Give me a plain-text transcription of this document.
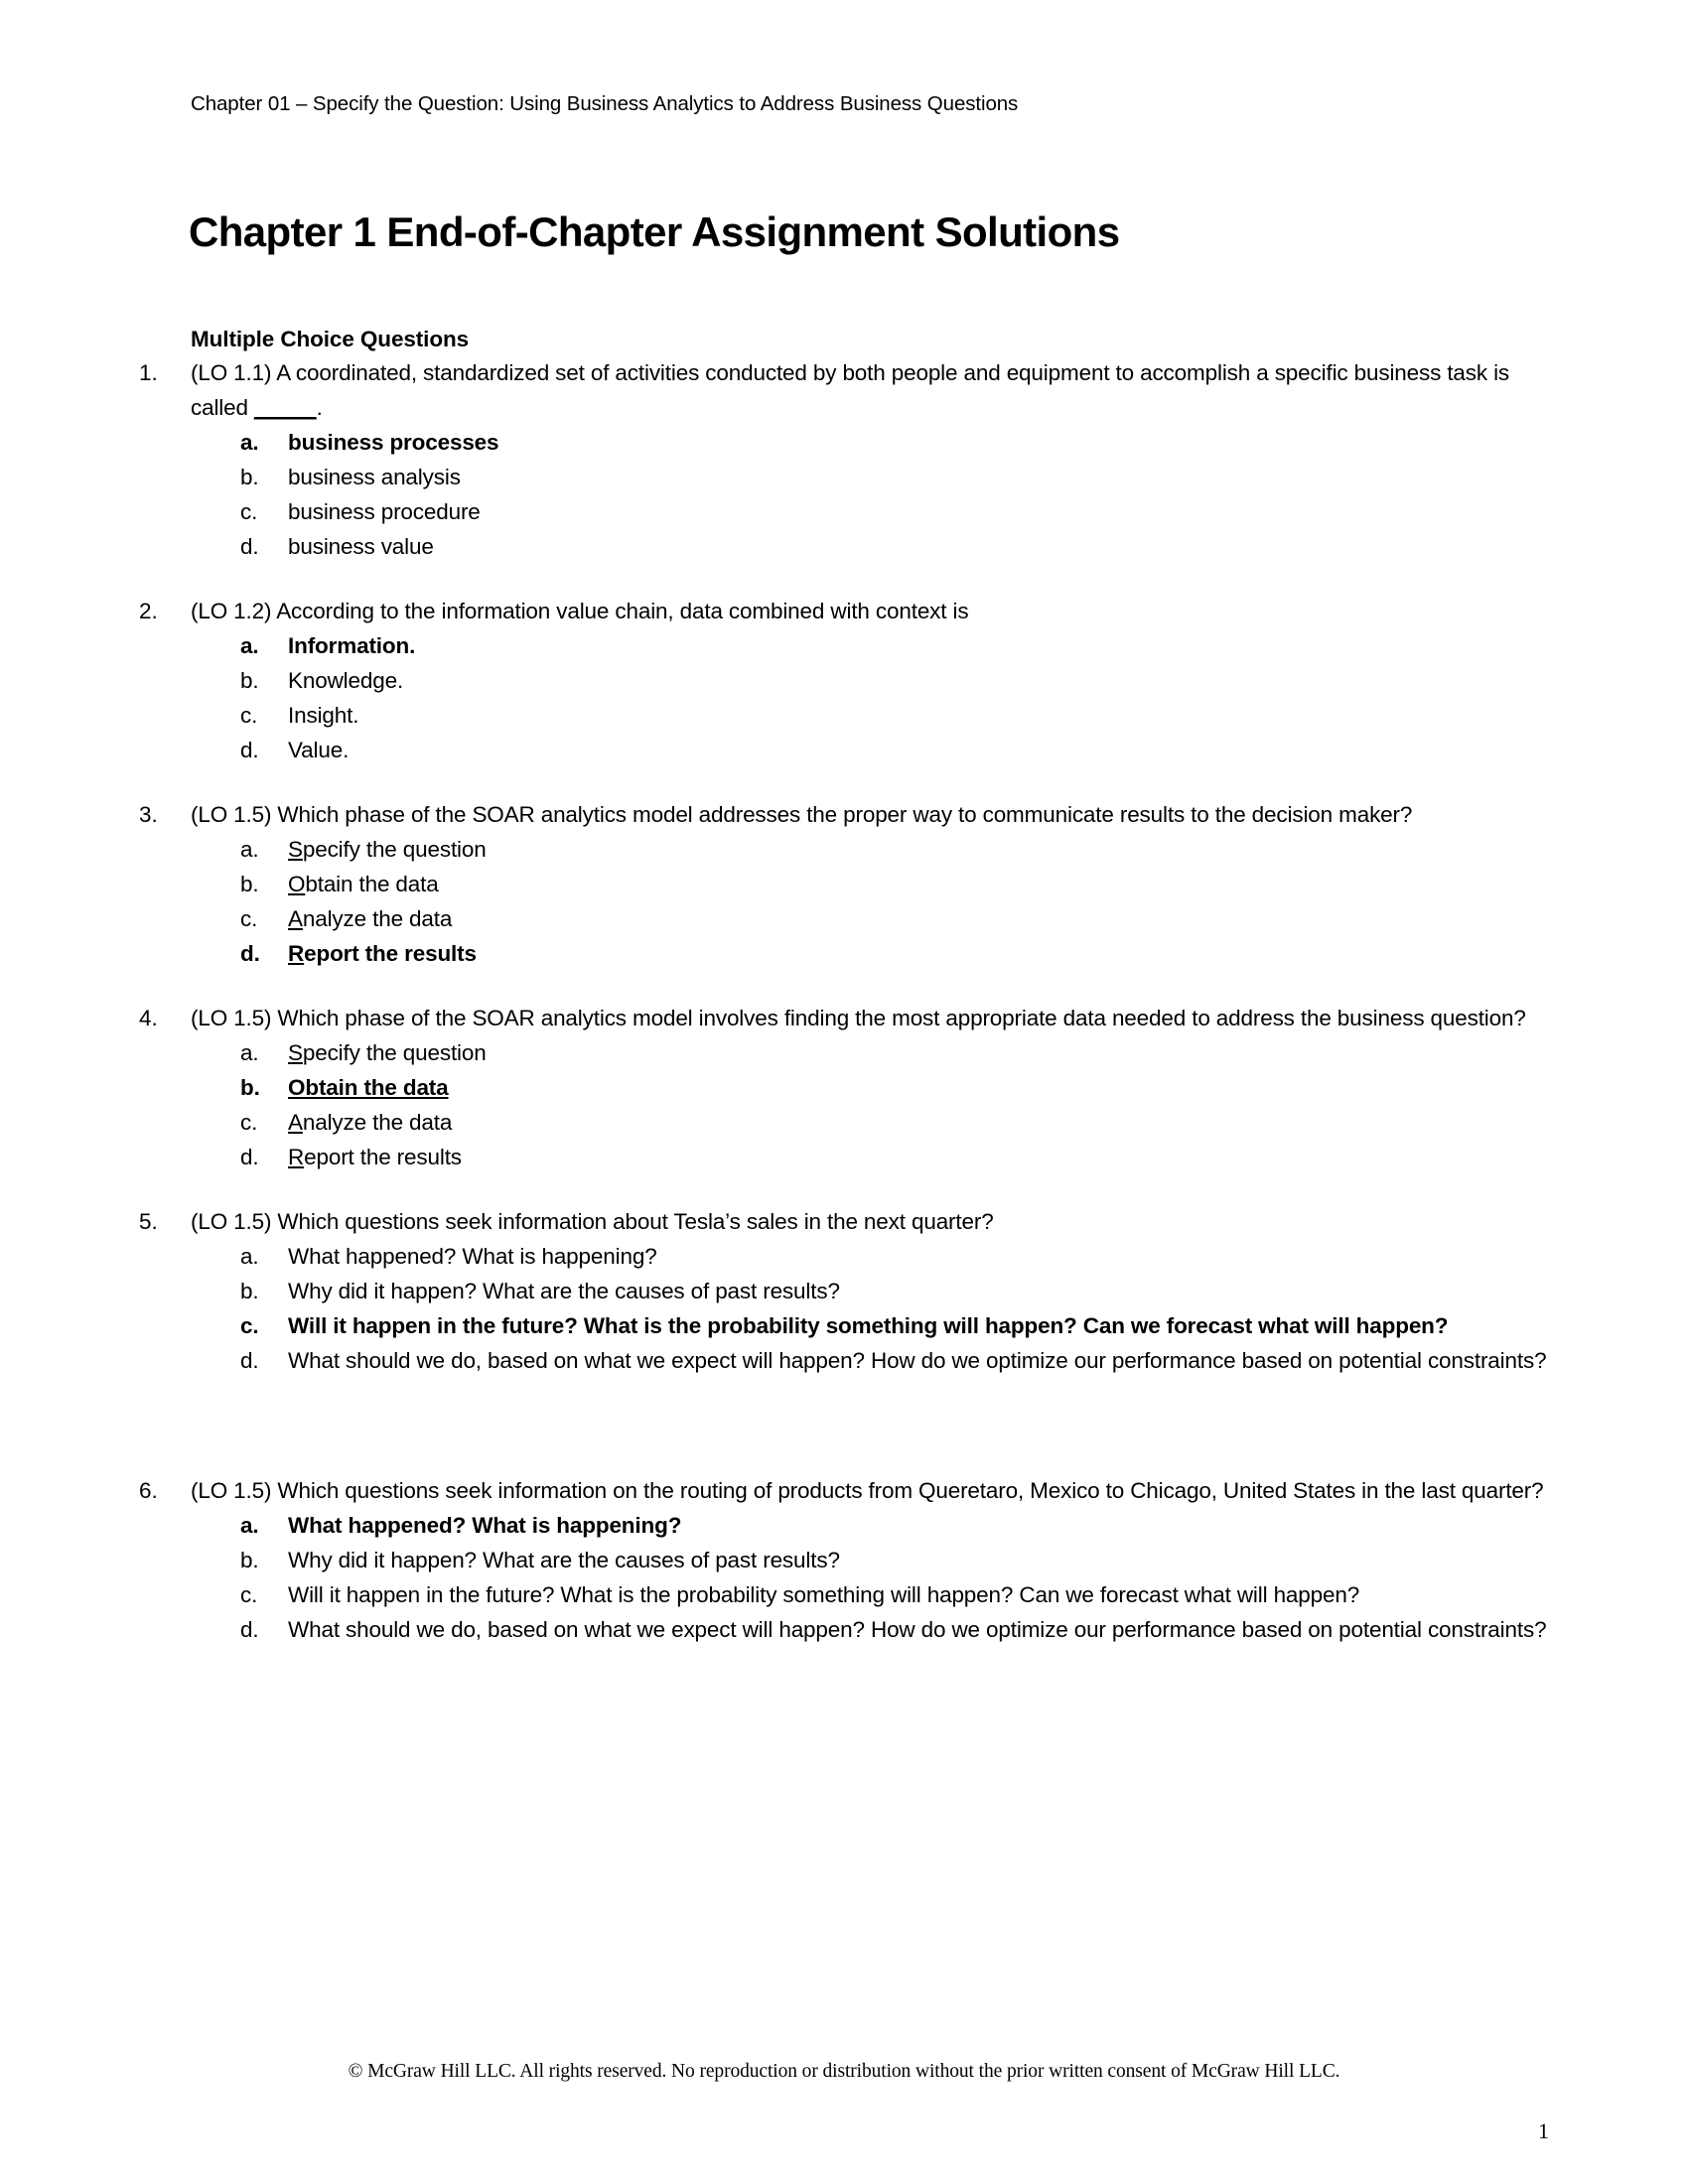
Chapter 01 – Specify the Question: Using Business Analytics to Address Business Questions
Chapter 1 End-of-Chapter Assignment Solutions
Multiple Choice Questions
1.	(LO 1.1) A coordinated, standardized set of activities conducted by both people and equipment to accomplish a specific business task is called _____.
a.	business processes
b.	business analysis
c.	business procedure
d.	business value
2.	(LO 1.2) According to the information value chain, data combined with context is
a.	Information.
b.	Knowledge.
c.	Insight.
d.	Value.
3.	(LO 1.5) Which phase of the SOAR analytics model addresses the proper way to communicate results to the decision maker?
a.	Specify the question
b.	Obtain the data
c.	Analyze the data
d.	Report the results
4.	(LO 1.5) Which phase of the SOAR analytics model involves finding the most appropriate data needed to address the business question?
a.	Specify the question
b.	Obtain the data
c.	Analyze the data
d.	Report the results
5.	(LO 1.5) Which questions seek information about Tesla’s sales in the next quarter?
a.	What happened? What is happening?
b.	Why did it happen? What are the causes of past results?
c.	Will it happen in the future? What is the probability something will happen? Can we forecast what will happen?
d.	What should we do, based on what we expect will happen? How do we optimize our performance based on potential constraints?
6.	(LO 1.5) Which questions seek information on the routing of products from Queretaro, Mexico to Chicago, United States in the last quarter?
a.	What happened? What is happening?
b.	Why did it happen? What are the causes of past results?
c.	Will it happen in the future? What is the probability something will happen? Can we forecast what will happen?
d.	What should we do, based on what we expect will happen? How do we optimize our performance based on potential constraints?
© McGraw Hill LLC. All rights reserved. No reproduction or distribution without the prior written consent of McGraw Hill LLC.
1
